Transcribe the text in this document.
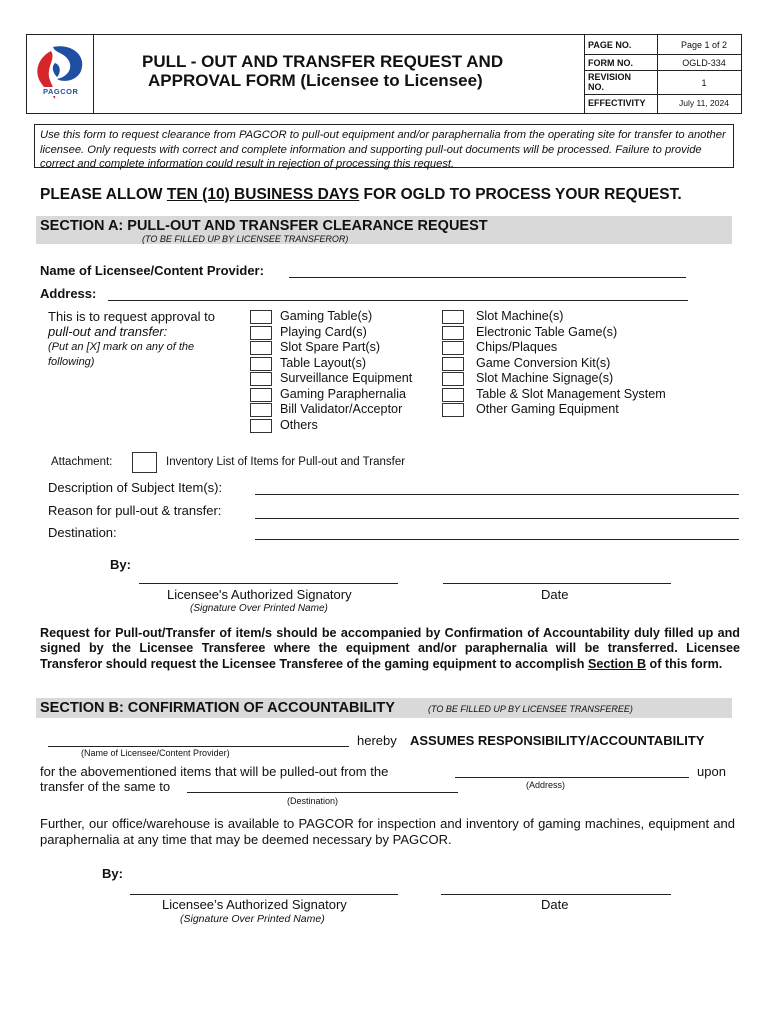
PAGCOR
PULL - OUT AND TRANSFER REQUEST AND
APPROVAL FORM (Licensee to Licensee)
PAGE NO.	Page 1 of 2
FORM NO.	OGLD-334
REVISION NO.	1
EFFECTIVITY	July 11, 2024
Use this form to request clearance from PAGCOR to pull-out equipment and/or paraphernalia from the operating site for transfer to another licensee. Only requests with correct and complete information and supporting pull-out documents will be processed. Failure to provide correct and complete information could result in rejection of processing this request.
PLEASE ALLOW TEN (10) BUSINESS DAYS FOR OGLD TO PROCESS YOUR REQUEST.
SECTION A: PULL-OUT AND TRANSFER CLEARANCE REQUEST
(TO BE FILLED UP BY LICENSEE TRANSFEROR)
Name of Licensee/Content Provider:
Address:
This is to request approval to
pull-out and transfer:
(Put an [X] mark on any of the
following)
Gaming Table(s)
Playing Card(s)
Slot Spare Part(s)
Table Layout(s)
Surveillance Equipment
Gaming Paraphernalia
Bill Validator/Acceptor
Others
Slot Machine(s)
Electronic Table Game(s)
Chips/Plaques
Game Conversion Kit(s)
Slot Machine Signage(s)
Table & Slot Management System
Other Gaming Equipment
Attachment:	Inventory List of Items for Pull-out and Transfer
Description of Subject Item(s):
Reason for pull-out & transfer:
Destination:
By:
Licensee's Authorized Signatory	Date
(Signature Over Printed Name)
Request for Pull-out/Transfer of item/s should be accompanied by Confirmation of Accountability duly filled up and signed by the Licensee Transferee where the equipment and/or paraphernalia will be transferred. Licensee Transferor should request the Licensee Transferee of the gaming equipment to accomplish Section B of this form.
SECTION B: CONFIRMATION OF ACCOUNTABILITY	(TO BE FILLED UP BY LICENSEE TRANSFEREE)
hereby ASSUMES RESPONSIBILITY/ACCOUNTABILITY
(Name of Licensee/Content Provider)
for the abovementioned items that will be pulled-out from the	upon
(Address)
transfer of the same to
(Destination)
Further, our office/warehouse is available to PAGCOR for inspection and inventory of gaming machines, equipment and paraphernalia at any time that may be deemed necessary by PAGCOR.
By:
Licensee’s Authorized Signatory	Date
(Signature Over Printed Name)
